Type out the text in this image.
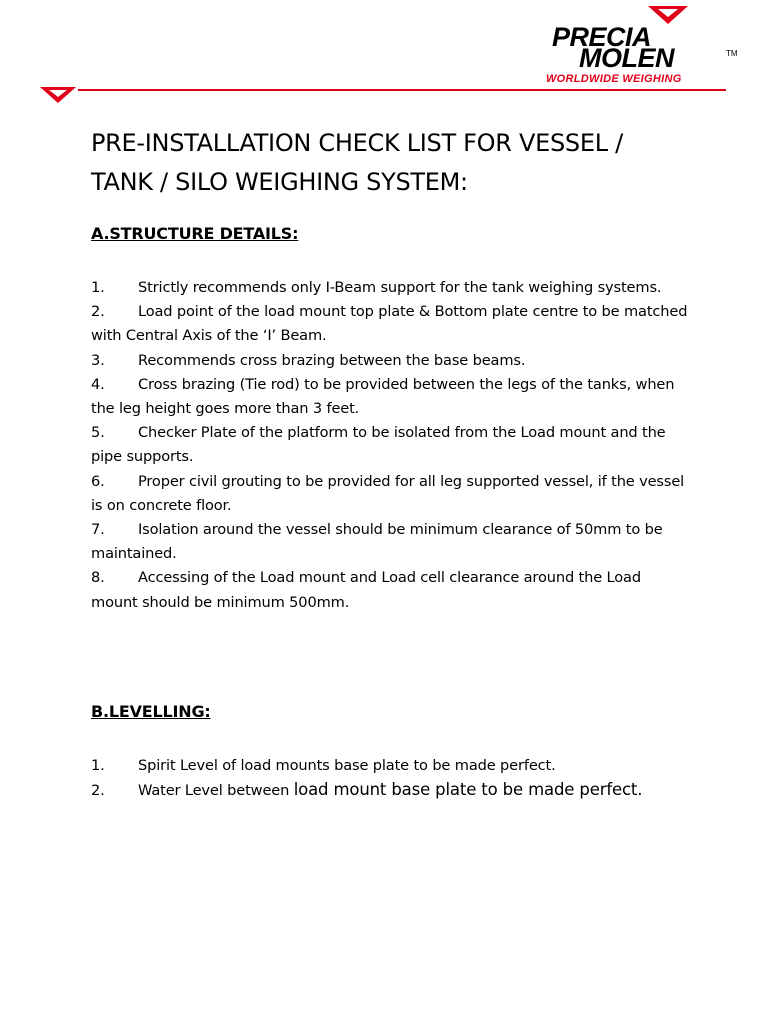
PRECIA
MOLEN	TM
WORLDWIDE WEIGHING
PRE-INSTALLATION CHECK LIST FOR VESSEL / TANK / SILO WEIGHING SYSTEM:
A.STRUCTURE DETAILS:
1. Strictly recommends only I-Beam support for the tank weighing systems.
2. Load point of the load mount top plate & Bottom plate centre to be matched with Central Axis of the ‘I’ Beam.
3. Recommends cross brazing between the base beams.
4. Cross brazing (Tie rod) to be provided between the legs of the tanks, when the leg height goes more than 3 feet.
5. Checker Plate of the platform to be isolated from the Load mount and the pipe supports.
6. Proper civil grouting to be provided for all leg supported vessel, if the vessel is on concrete floor.
7. Isolation around the vessel should be minimum clearance of 50mm to be maintained.
8. Accessing of the Load mount and Load cell clearance around the Load mount should be minimum 500mm.
B.LEVELLING:
1. Spirit Level of load mounts base plate to be made perfect.
2. Water Level between load mount base plate to be made perfect.
